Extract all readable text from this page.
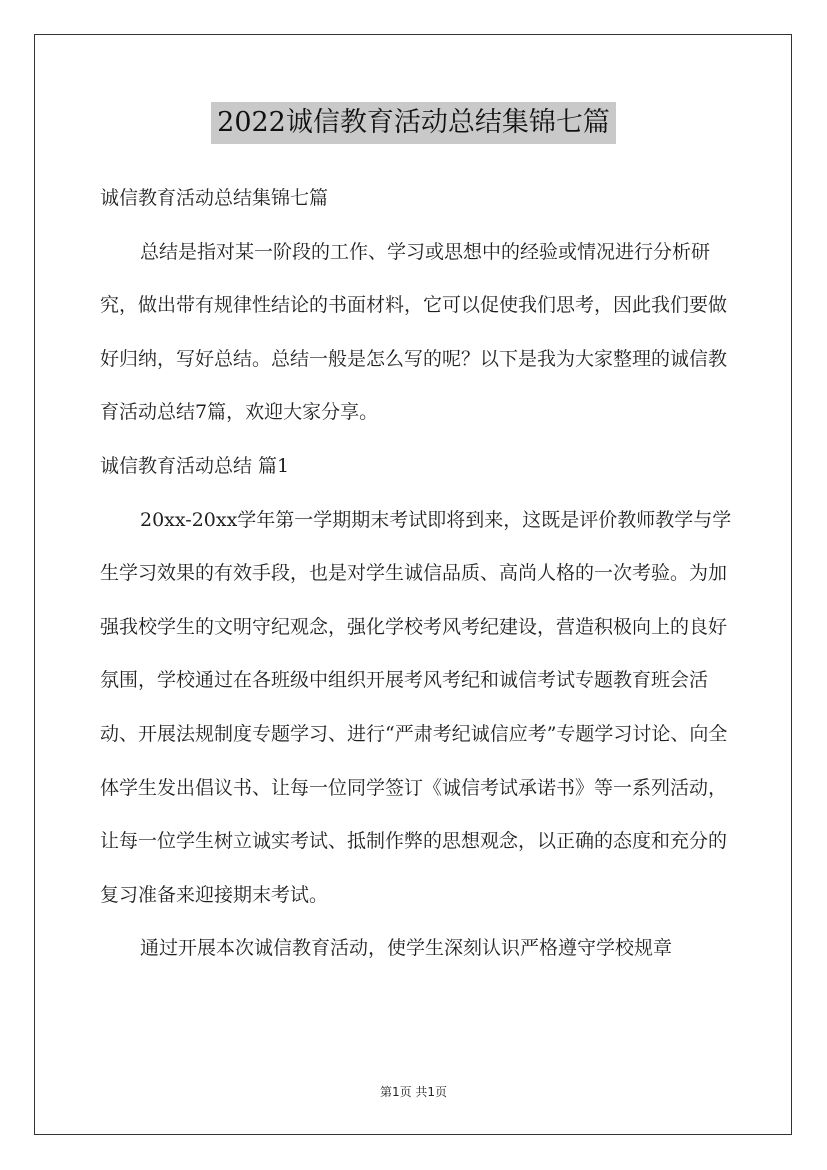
2022诚信教育活动总结集锦七篇

诚信教育活动总结集锦七篇

总结是指对某一阶段的工作、学习或思想中的经验或情况进行分析研究，做出带有规律性结论的书面材料，它可以促使我们思考，因此我们要做好归纳，写好总结。总结一般是怎么写的呢？以下是我为大家整理的诚信教育活动总结7篇，欢迎大家分享。

诚信教育活动总结 篇1

20xx-20xx学年第一学期期末考试即将到来，这既是评价教师教学与学生学习效果的有效手段，也是对学生诚信品质、高尚人格的一次考验。为加强我校学生的文明守纪观念，强化学校考风考纪建设，营造积极向上的良好氛围，学校通过在各班级中组织开展考风考纪和诚信考试专题教育班会活动、开展法规制度专题学习、进行“严肃考纪诚信应考”专题学习讨论、向全体学生发出倡议书、让每一位同学签订《诚信考试承诺书》等一系列活动，让每一位学生树立诚实考试、抵制作弊的思想观念，以正确的态度和充分的复习准备来迎接期末考试。

通过开展本次诚信教育活动，使学生深刻认识严格遵守学校规章

第1页 共1页
